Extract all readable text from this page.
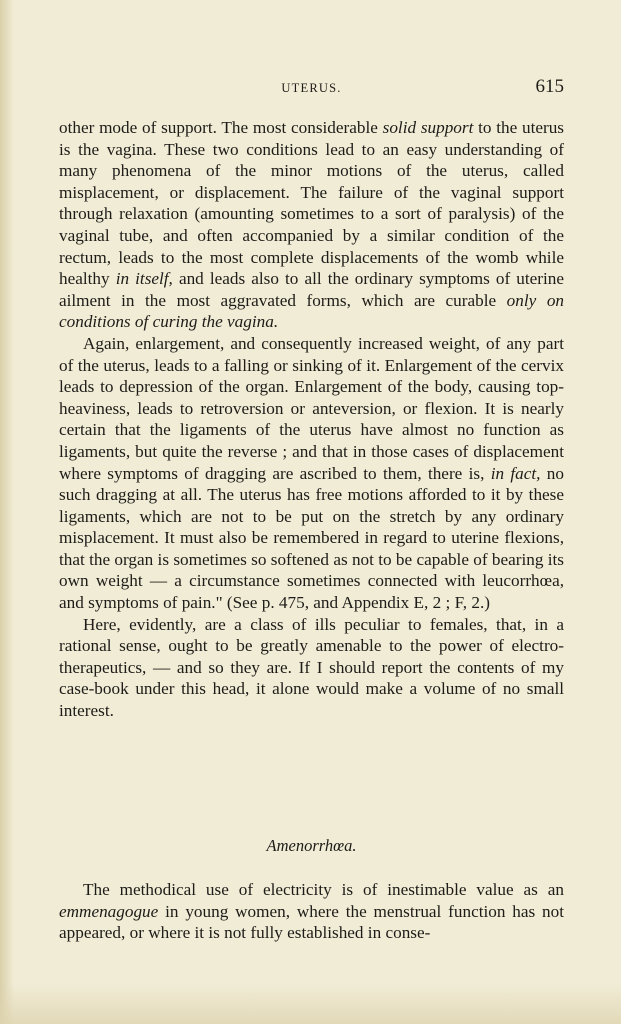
UTERUS.	615

other mode of support. The most considerable solid support to the uterus is the vagina. These two conditions lead to an easy understanding of many phenomena of the minor motions of the uterus, called misplacement, or displacement. The failure of the vaginal support through relaxation (amounting sometimes to a sort of paralysis) of the vaginal tube, and often accompanied by a similar condition of the rectum, leads to the most complete displacements of the womb while healthy in itself, and leads also to all the ordinary symptoms of uterine ailment in the most aggravated forms, which are curable only on conditions of curing the vagina.

Again, enlargement, and consequently increased weight, of any part of the uterus, leads to a falling or sinking of it. Enlargement of the cervix leads to depression of the organ. Enlargement of the body, causing top-heaviness, leads to retroversion or anteversion, or flexion. It is nearly certain that the ligaments of the uterus have almost no function as ligaments, but quite the reverse ; and that in those cases of displacement where symptoms of dragging are ascribed to them, there is, in fact, no such dragging at all. The uterus has free motions afforded to it by these ligaments, which are not to be put on the stretch by any ordinary misplacement. It must also be remembered in regard to uterine flexions, that the organ is sometimes so softened as not to be capable of bearing its own weight — a circumstance sometimes connected with leucorrhœa, and symptoms of pain." (See p. 475, and Appendix E, 2 ; F, 2.)

Here, evidently, are a class of ills peculiar to females, that, in a rational sense, ought to be greatly amenable to the power of electro-therapeutics, — and so they are. If I should report the contents of my case-book under this head, it alone would make a volume of no small interest.

Amenorrhœa.

The methodical use of electricity is of inestimable value as an emmenagogue in young women, where the menstrual function has not appeared, or where it is not fully established in conse-
